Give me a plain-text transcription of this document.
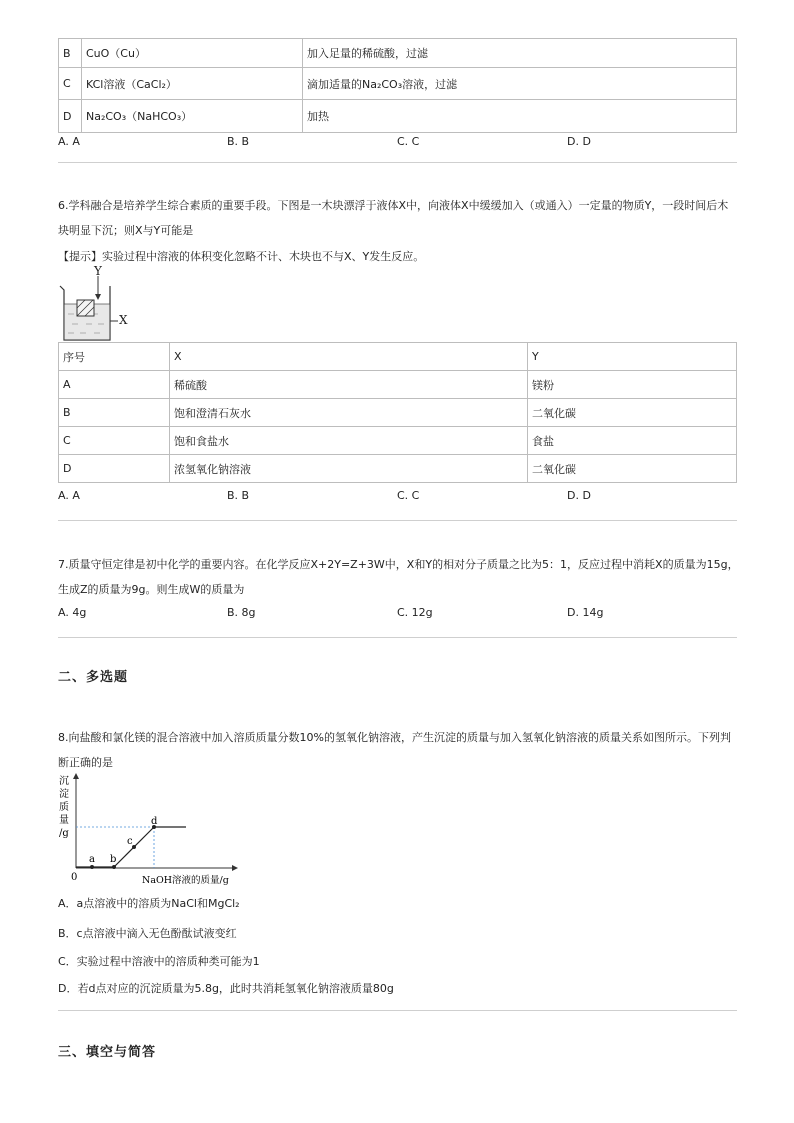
B	CuO（Cu）	加入足量的稀硫酸，过滤
C	KCl溶液（CaCl₂）	滴加适量的Na₂CO₃溶液，过滤
D	Na₂CO₃（NaHCO₃）	加热
A. A	B. B	C. C	D. D
6.学科融合是培养学生综合素质的重要手段。下图是一木块漂浮于液体X中，向液体X中缓缓加入（或通入）一定量的物质Y，一段时间后木
块明显下沉；则X与Y可能是
【提示】实验过程中溶液的体积变化忽略不计、木块也不与X、Y发生反应。
Y
X
序号	X	Y
A	稀硫酸	镁粉
B	饱和澄清石灰水	二氧化碳
C	饱和食盐水	食盐
D	浓氢氧化钠溶液	二氧化碳
A. A	B. B	C. C	D. D
7.质量守恒定律是初中化学的重要内容。在化学反应X+2Y=Z+3W中，X和Y的相对分子质量之比为5：1，反应过程中消耗X的质量为15g，
生成Z的质量为9g。则生成W的质量为
A. 4g	B. 8g	C. 12g	D. 14g
二、多选题
8.向盐酸和氯化镁的混合溶液中加入溶质质量分数10%的氢氧化钠溶液，产生沉淀的质量与加入氢氧化钠溶液的质量关系如图所示。下列判
断正确的是
a b
c
d
0	NaOH溶液的质量/g
沉
淀
质
量
/g
A．a点溶液中的溶质为NaCl和MgCl₂
B．c点溶液中滴入无色酚酞试液变红
C．实验过程中溶液中的溶质种类可能为1
D．若d点对应的沉淀质量为5.8g，此时共消耗氢氧化钠溶液质量80g
三、填空与简答
